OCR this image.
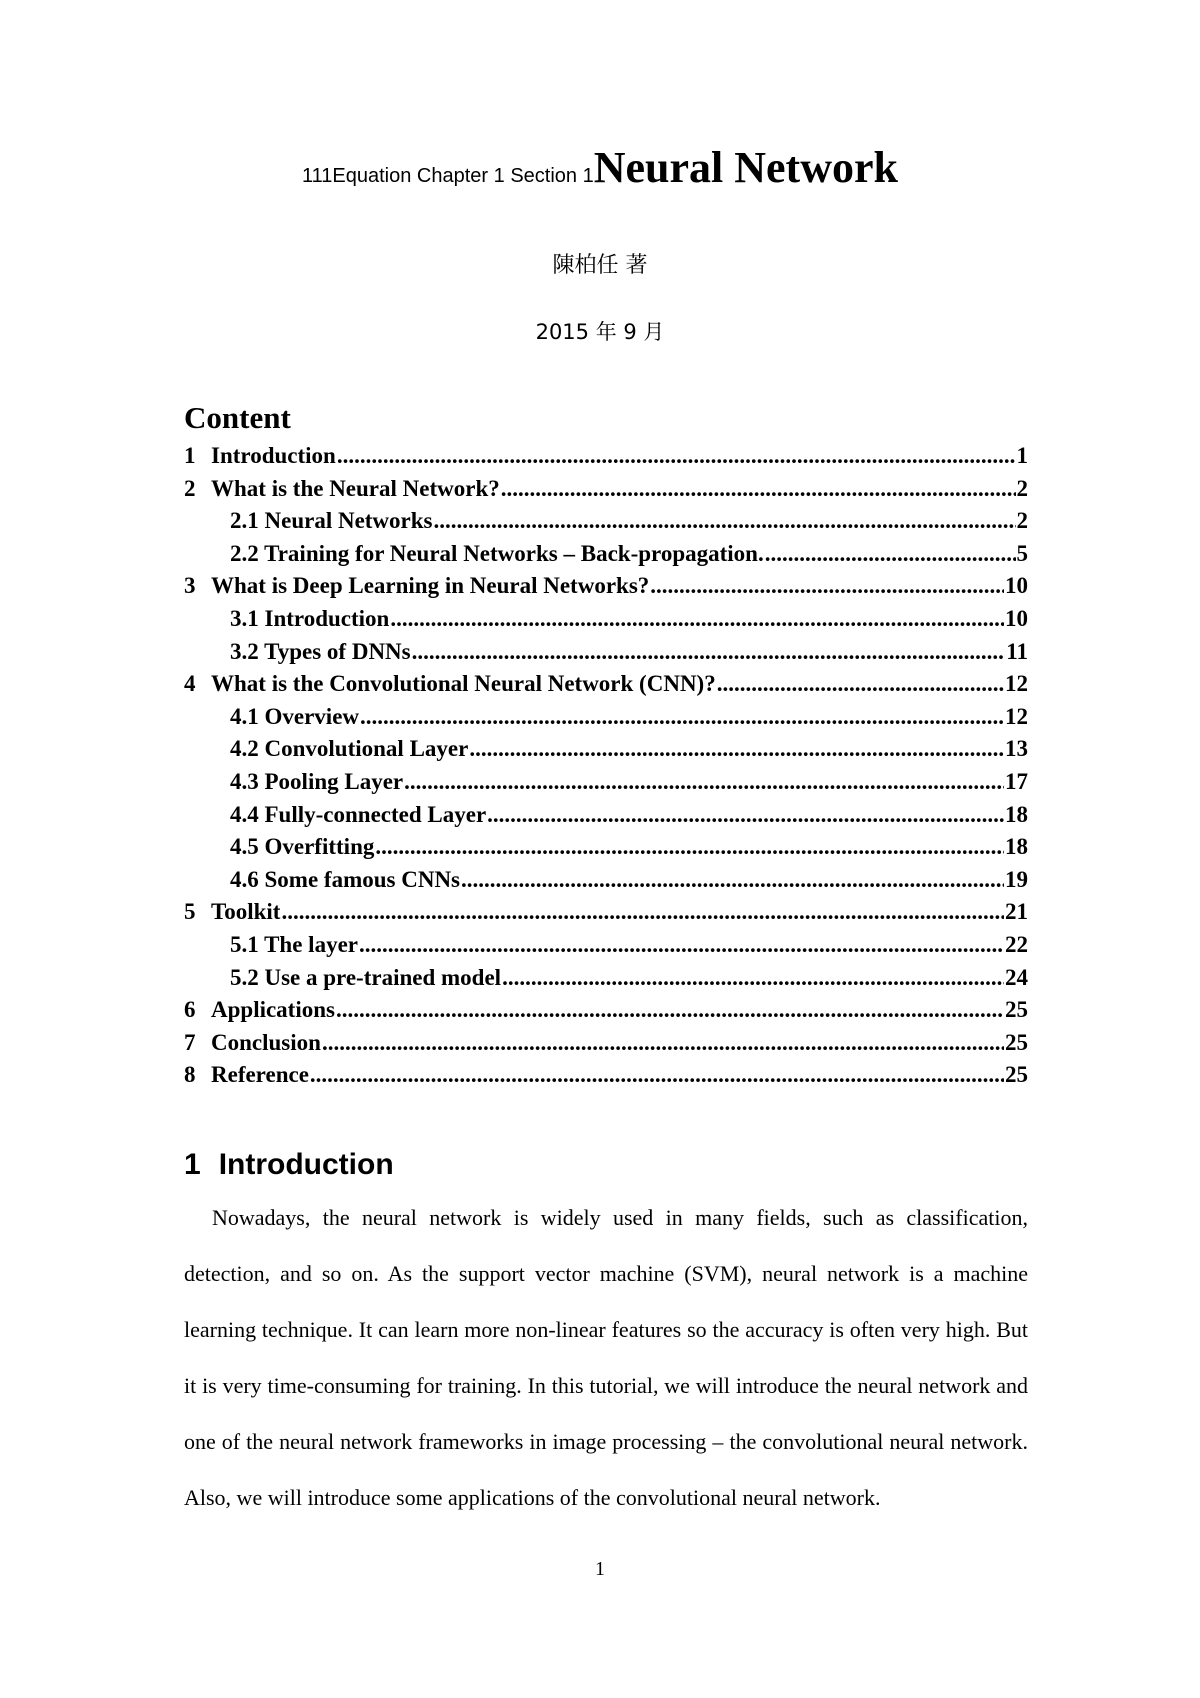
111Equation Chapter 1 Section 1Neural Network
陳柏任 著
2015 年 9 月
Content
1 Introduction .....	1
2 What is the Neural Network? .....	2
2.1 Neural Networks .....	2
2.2 Training for Neural Networks – Back-propagation. .....	5
3 What is Deep Learning in Neural Networks? .....	10
3.1 Introduction .....	10
3.2 Types of DNNs .....	11
4 What is the Convolutional Neural Network (CNN)? .....	12
4.1 Overview .....	12
4.2 Convolutional Layer .....	13
4.3 Pooling Layer .....	17
4.4 Fully-connected Layer .....	18
4.5 Overfitting .....	18
4.6 Some famous CNNs .....	19
5 Toolkit .....	21
5.1 The layer .....	22
5.2 Use a pre-trained model .....	24
6 Applications .....	25
7 Conclusion .....	25
8 Reference .....	25
1 Introduction

Nowadays, the neural network is widely used in many fields, such as classification, detection, and so on. As the support vector machine (SVM), neural network is a machine learning technique. It can learn more non-linear features so the accuracy is often very high. But it is very time-consuming for training. In this tutorial, we will introduce the neural network and one of the neural network frameworks in image processing – the convolutional neural network. Also, we will introduce some applications of the convolutional neural network.

1
